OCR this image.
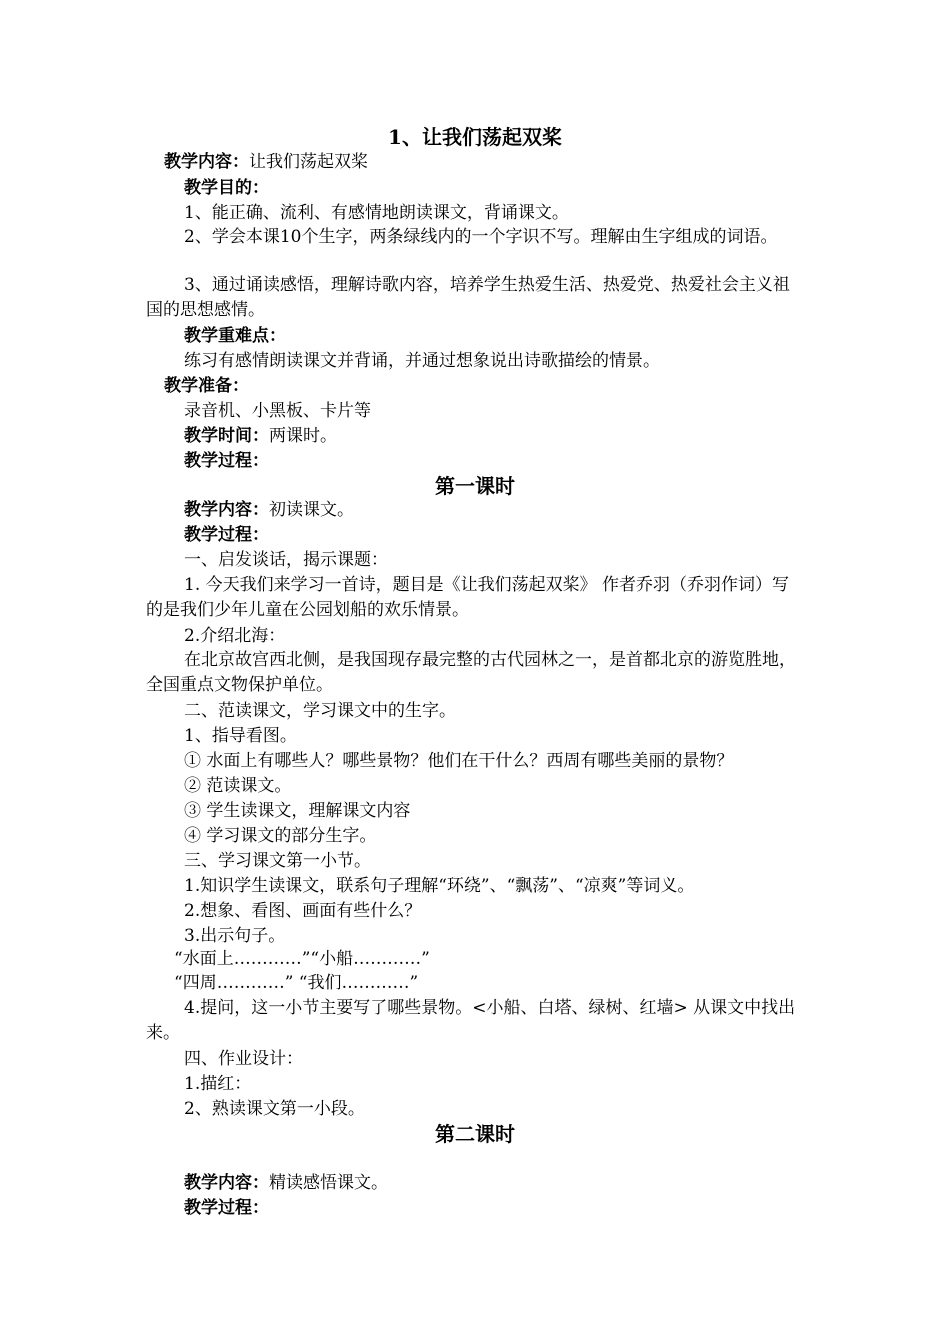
1、让我们荡起双桨
教学内容：让我们荡起双桨
教学目的：
1、能正确、流利、有感情地朗读课文，背诵课文。
2、学会本课10个生字，两条绿线内的一个字识不写。理解由生字组成的词语。
3、通过诵读感悟，理解诗歌内容，培养学生热爱生活、热爱党、热爱社会主义祖国的思想感情。
教学重难点：
练习有感情朗读课文并背诵，并通过想象说出诗歌描绘的情景。
教学准备：
录音机、小黑板、卡片等
教学时间：两课时。
教学过程：
第一课时
教学内容：初读课文。
教学过程：
一、启发谈话，揭示课题：
1. 今天我们来学习一首诗，题目是《让我们荡起双桨》 作者乔羽（乔羽作词）写的是我们少年儿童在公园划船的欢乐情景。
2.介绍北海：
在北京故宫西北侧，是我国现存最完整的古代园林之一，是首都北京的游览胜地，全国重点文物保护单位。
二、范读课文，学习课文中的生字。
1、指导看图。
① 水面上有哪些人？哪些景物？他们在干什么？西周有哪些美丽的景物？
② 范读课文。
③ 学生读课文，理解课文内容
④ 学习课文的部分生字。
三、学习课文第一小节。
1.知识学生读课文，联系句子理解“环绕”、“飘荡”、“凉爽”等词义。
2.想象、看图、画面有些什么？
3.出示句子。
“水面上…………”“小船…………”
“四周…………” “我们…………”
4.提问，这一小节主要写了哪些景物。<小船、白塔、绿树、红墙> 从课文中找出来。
四、作业设计：
1.描红：
2、熟读课文第一小段。
第二课时
教学内容：精读感悟课文。
教学过程：
